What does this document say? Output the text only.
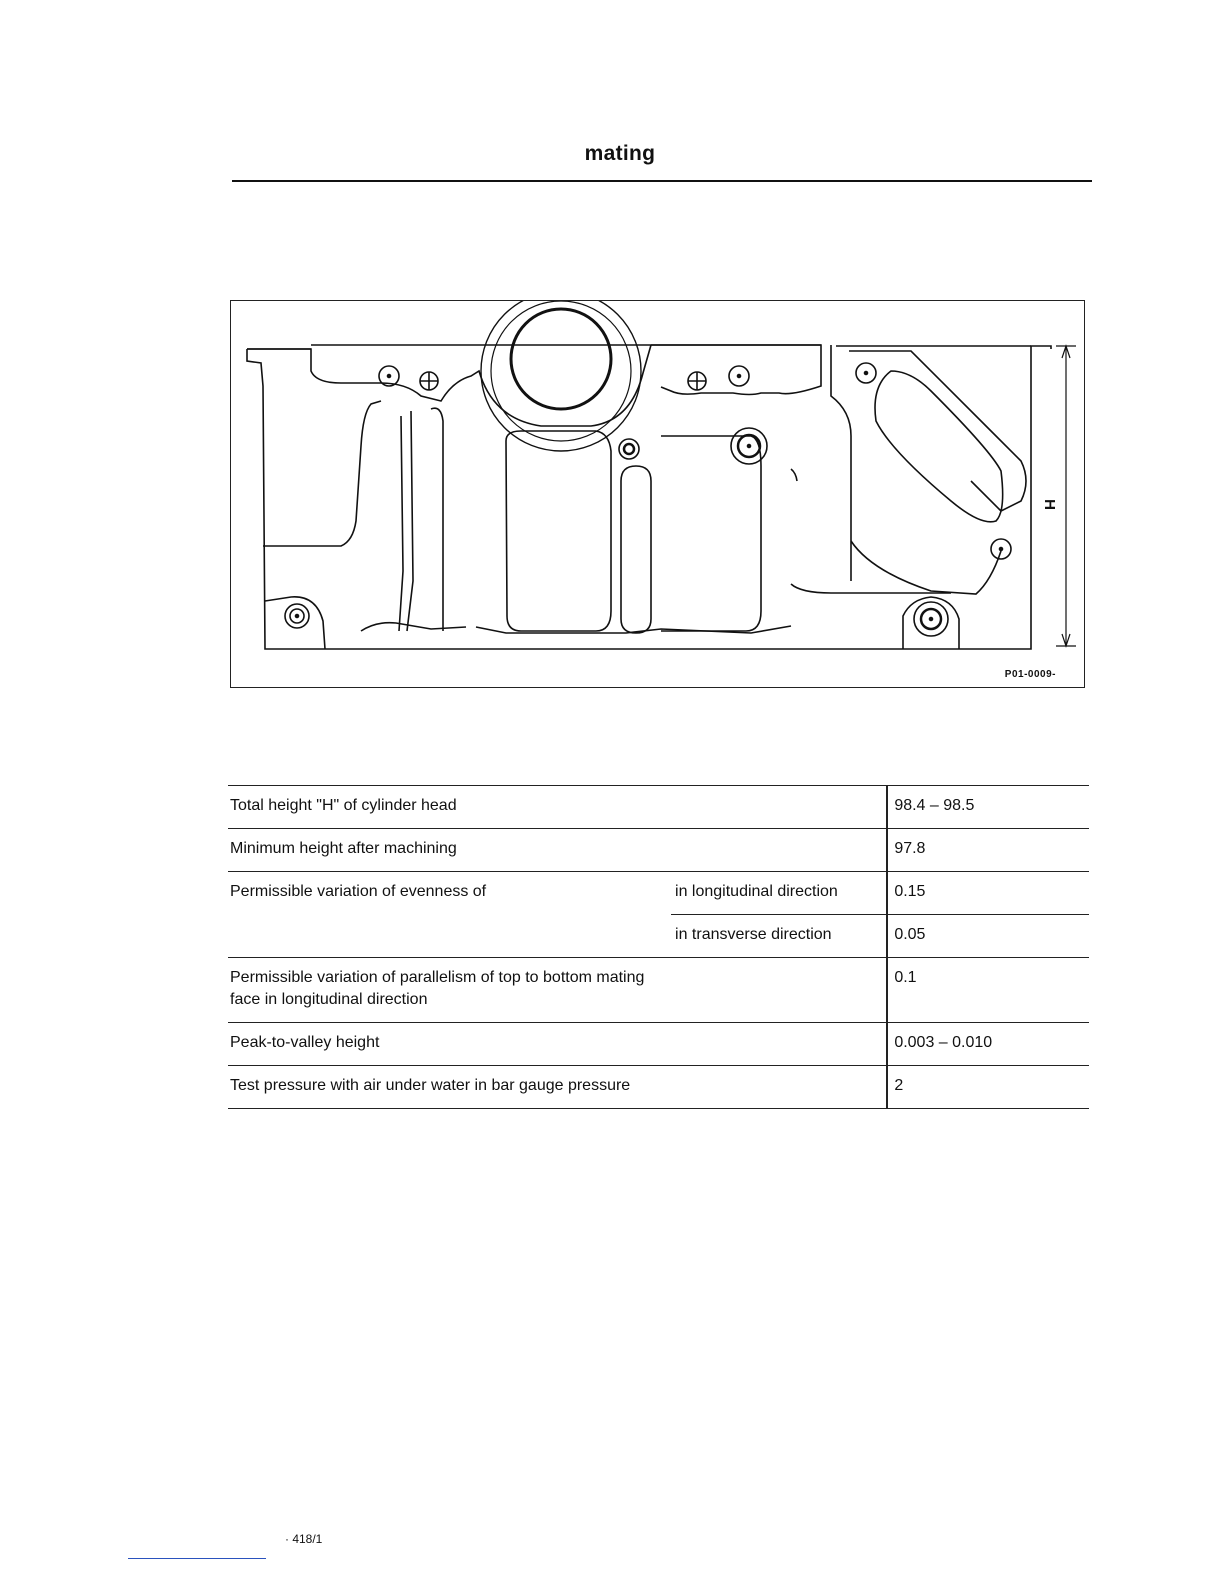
mating
H
P01-0009-
Total height "H" of cylinder head		98.4 – 98.5
Minimum height after machining		97.8
Permissible variation of evenness of	in longitudinal direction	0.15
	in transverse direction	0.05
Permissible variation of parallelism of top to bottom mating face in longitudinal direction		0.1
Peak-to-valley height		0.003 – 0.010
Test pressure with air under water in bar gauge pressure		2
· 418/1
